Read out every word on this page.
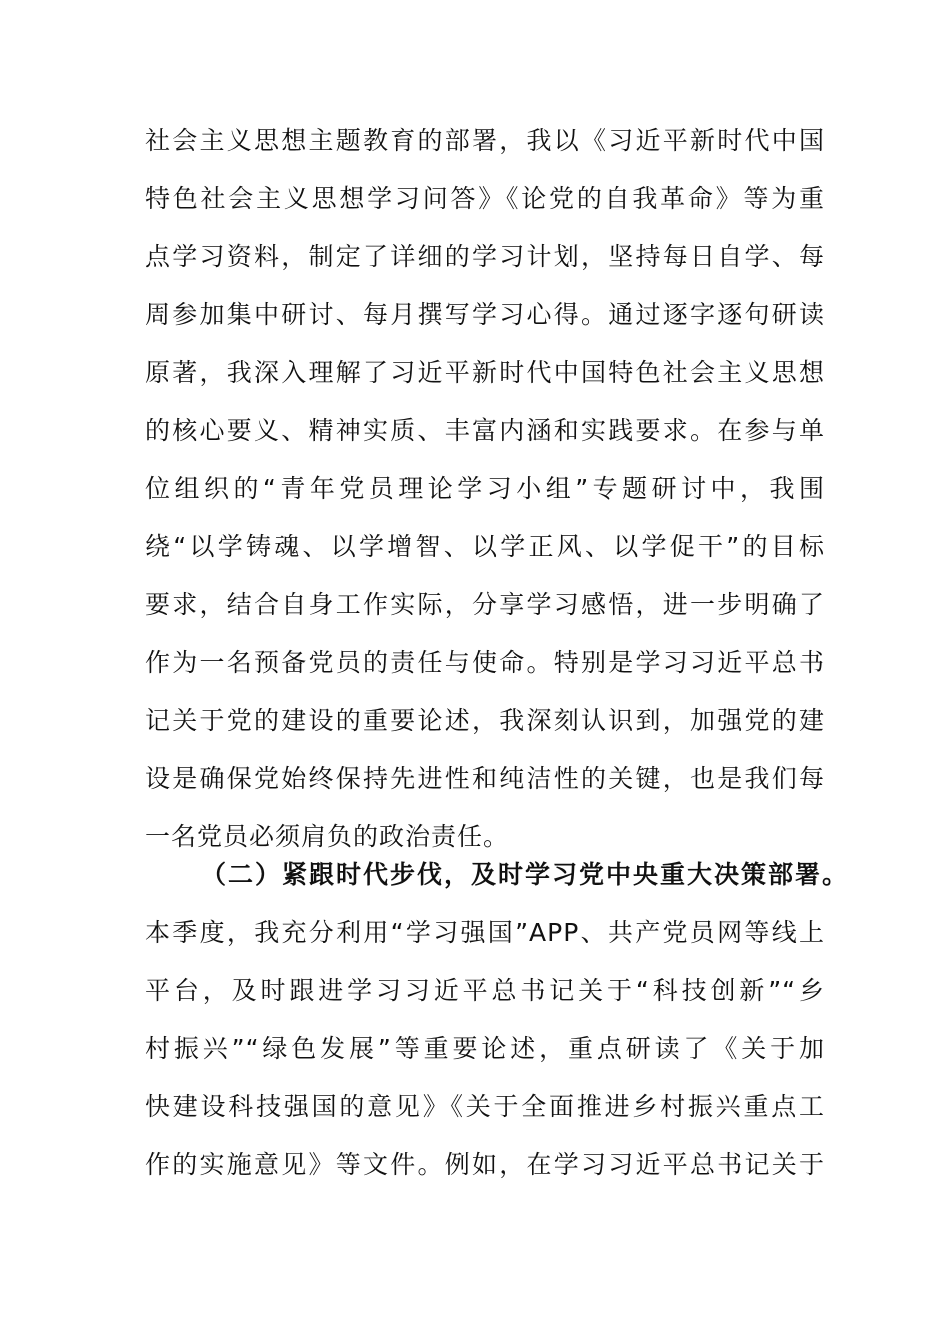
社会主义思想主题教育的部署，我以《习近平新时代中国
特色社会主义思想学习问答》《论党的自我革命》等为重
点学习资料，制定了详细的学习计划，坚持每日自学、每
周参加集中研讨、每月撰写学习心得。通过逐字逐句研读
原著，我深入理解了习近平新时代中国特色社会主义思想
的核心要义、精神实质、丰富内涵和实践要求。在参与单
位组织的“青年党员理论学习小组”专题研讨中，我围
绕“以学铸魂、以学增智、以学正风、以学促干”的目标
要求，结合自身工作实际，分享学习感悟，进一步明确了
作为一名预备党员的责任与使命。特别是学习习近平总书
记关于党的建设的重要论述，我深刻认识到，加强党的建
设是确保党始终保持先进性和纯洁性的关键，也是我们每
一名党员必须肩负的政治责任。
（二）紧跟时代步伐，及时学习党中央重大决策部署。
本季度，我充分利用“学习强国”APP、共产党员网等线上
平台，及时跟进学习习近平总书记关于“科技创新”“乡
村振兴”“绿色发展”等重要论述，重点研读了《关于加
快建设科技强国的意见》《关于全面推进乡村振兴重点工
作的实施意见》等文件。例如，在学习习近平总书记关于
